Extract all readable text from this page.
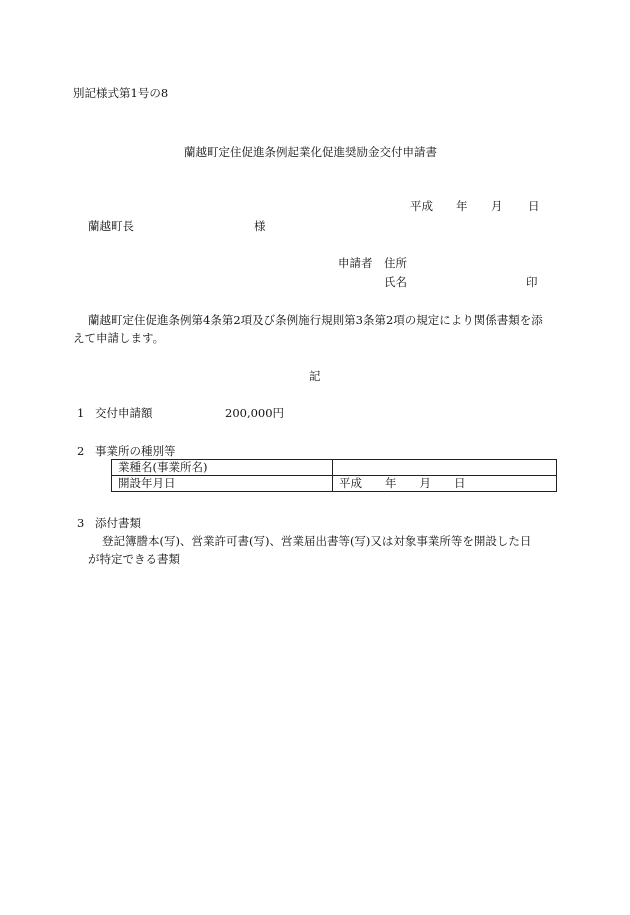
別記様式第1号の8
蘭越町定住促進条例起業化促進奨励金交付申請書
平成 年 月 日
蘭越町長	様
申請者 住所
氏名	印
蘭越町定住促進条例第4条第2項及び条例施行規則第3条第2項の規定により関係書類を添
えて申請します。
記
1 交付申請額	200,000円
2 事業所の種別等
業種名(事業所名)	
開設年月日	平成　　年　　月　　日
3 添付書類
登記簿謄本(写)、営業許可書(写)、営業届出書等(写)又は対象事業所等を開設した日
が特定できる書類
